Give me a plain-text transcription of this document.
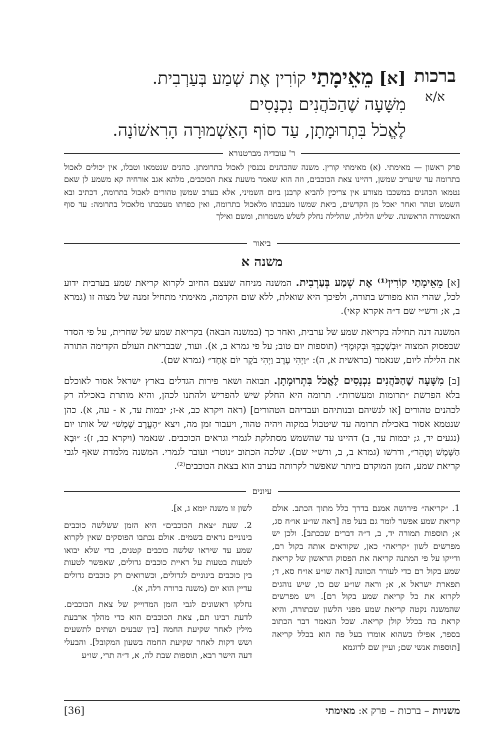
ברכות
א/א
[א] מֵאֵימָתַי קוֹרִין אֶת שְׁמַע בְּעַרְבִית.
מִשָּׁעָה שֶׁהַכֹּהֲנִים נִכְנָסִים
לֶאֱכֹל בִּתְרוּמָתָן, עַד סוֹף הָאַשְׁמוּרָה הָרִאשׁוֹנָה.
ר' עובדיה מברטנורא
פרק ראשון — מאימתי. (א) מאימתי קורין. משנה שהכהנים נכנסין לאכול בתרומתן. כהנים שנטמאו וטבלו, אין יכולים לאכול בתרומה עד שיעריב שמשן, דהיינו צאת הכוכבים, וזה הוא שאמר משעת צאת הכוכבים, מלתא אגב אורחיה קא משמע לן שאם נטמאו הכהנים במשכבו מצורע אין צריכין להביא קרבנן ביום השמיני, אלא בערב שמשן טהורים לאכול בתרומה, דכתיב ובא השמש וטהר ואחר יאכל מן הקדשים, ביאת שמשו מעכבתו מלאכול בתרומה, ואין כפרתו מעכבתו מלאכול בתרומה: עד סוף האשמורה הראשונה. שליש הלילה, שהלילה נחלק לשלש משמרות, ומשם ואילך
ביאור
משנה א

[א] מֵאֵימָתַי קוֹרִין⁽¹⁾ אֶת שְׁמַע בְּעַרְבִית. המשנה מניחה שעצם החיוב לקרוא קריאת שמע בערבית ידוע לכל, שהרי הוא מפורש בתורה, ולפיכך היא שואלת, ללא שום הקדמה, מאימתי מתחיל זמנה של מצוה זו (גמרא ב, א; ורש״י שם ד״ה אקרא קאי).

המשנה דנה תחילה בקריאת שמע של ערבית, ואחר כך (במשנה הבאה) בקריאת שמע של שחרית, על פי הסדר שבפסוק המצוה ״וּבְשָׁכְבְּךָ וּבְקוּמֶךָ״ (תוספות יום טוב; על פי גמרא ב, א). ועוד, שבבריאת העולם הקדימה התורה את הלילה ליום, שנאמר (בראשית א, ה): ״וַיְהִי עֶרֶב וַיְהִי בֹקֶר יוֹם אֶחָד״ (גמרא שם).

[ב] מִשָּׁעָה שֶׁהַכֹּהֲנִים נִכְנָסִים לֶאֱכֹל בִּתְרוּמָתָן. תבואה ושאר פירות הגדלים בארץ ישראל אסור לאוכלם בלא הפרשת ״תרומות ומעשרות״. תרומה היא החלק שיש להפריש ולהתנו לכהן, והיא מותרת באכילה רק לכהנים טהורים [או לנשיהם ובנותיהם ועבדיהם הטהורים] (ראה ויקרא כב, א-ז; יבמות עד, א - עה, א). כהן שנטמא אסור באכילת תרומה עד שיטבול במקוה ויהיה טהור, ויעבור זמן מה, ויצא ״הֶעֱרֶב שֶׁמֶשׁ״ של אותו יום (נגעים יד, ג; יבמות עד, ב) דהיינו עד שהשמש מסתלקת לגמרי וגראים הכוכבים. שנאמר (ויקרא כב, ז): ״וּבָא הַשֶּׁמֶשׁ וְטָהֵר״, ודרשו (גמרא ב, ב, ורש״י שם). שלכה הכתוב ״נוטר״ ועובר לגמרי. המשנה מלמדת שאף לגבי קריאת שמע, הזמן המוקדם ביותר שאפשר לקרותה בערב הוא בצאת הכוכבים⁽²⁾.

עיונים

1. ״קריאה״ פירושה אמנם בדרך כלל מתוך הכתב. אולם קריאת שמע אפשר לומר גם בעל פה [ראה שו״ע או״ח סג, א; תוספות תמורה יד, ב, ד״ה דברים שבכתב]. ולכן יש מפרשים לשון ״קריאה״ כאן, שקוראים אותה בקול רם, ודייקו על פי המתנה קריאה את הפסוק הראשון של קריאת שמע בקול רם כדי לעורר הכוונה [ראה שו״ע או״ח סא, ד; תפארת ישראל א, א; וראה שו״ע שם כו, שיש נוהגים לקרוא את כל קריאת שמע בקול רם]. ויש מפרשים שהמשנה נקטה קריאת שמע מפני הלשון שבתורה, והיא קראת בה בכלל קולן קריאה. שכל הנאמר דבר הכתוב בספר, אפילו כשהוא אומרו בעל פה הוא בכלל קריאה [תוספות אנשי שם; ועיין שם לדוגמא

לשון זו משנה יומא ג, א].

2. שעת ״צאת הכוכבים״ היא הזמן ששלשה כוכבים בינוניים נראים בשמים. אולם נכתבו הפוסקים שאין לקרוא שמע עד שיראו שלשה כוכבים קטנים, כדי שלא יבואו לטעות בטעות על ראיית כוכבים גדולים, שאפשר לטעות בין כוכבים בינוניים לגדולים, וכשרואים רק כוכבים גדולים עדיין הוא יום (משנה ברורה רלה, א).

נחלקו ראשונים לגבי הזמן המדוייק של צאת הכוכבים. לדעת רבינו תם, צאת הכוכבים הוא כדי מהלך ארבעת מילין לאחר שקיעת החמה [בין שבעים ושתים לתשעים ושש דקות לאחר שקיעת החמה בשעון המקובל]. והבעלי דעה הישר רבא, תוספות שבת לה, א, ד״ה תרי, שו״ע

משניות – ברכות – פרק א: מאימתי
[36]
